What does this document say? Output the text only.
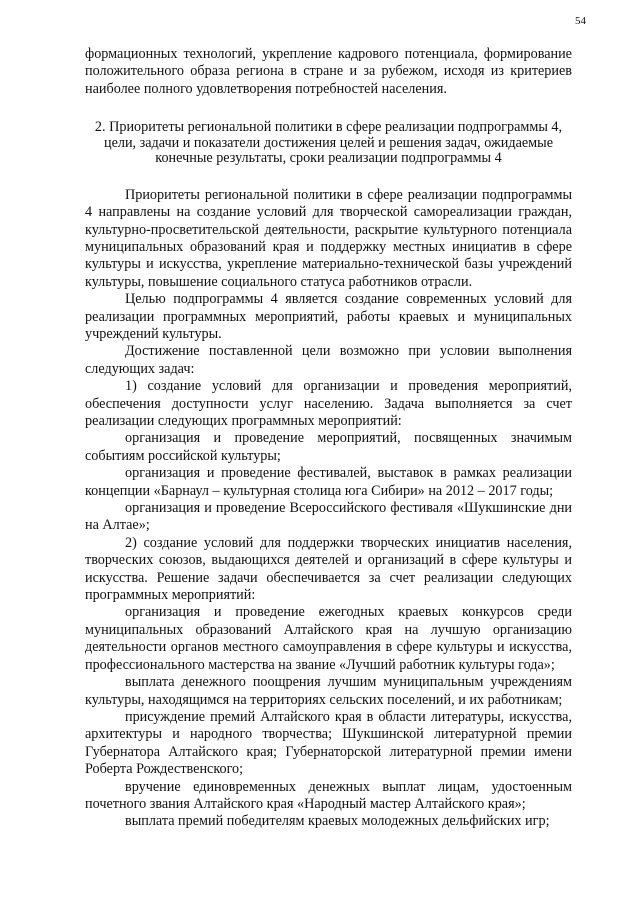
54

формационных технологий, укрепление кадрового потенциала, формирование положительного образа региона в стране и за рубежом, исходя из критериев наиболее полного удовлетворения потребностей населения.

2. Приоритеты региональной политики в сфере реализации подпрограммы 4, цели, задачи и показатели достижения целей и решения задач, ожидаемые конечные результаты, сроки реализации подпрограммы 4

Приоритеты региональной политики в сфере реализации подпрограммы 4 направлены на создание условий для творческой самореализации граждан, культурно-просветительской деятельности, раскрытие культурного потенциала муниципальных образований края и поддержку местных инициатив в сфере культуры и искусства, укрепление материально-технической базы учреждений культуры, повышение социального статуса работников отрасли.

Целью подпрограммы 4 является создание современных условий для реализации программных мероприятий, работы краевых и муниципальных учреждений культуры.

Достижение поставленной цели возможно при условии выполнения следующих задач:

1) создание условий для организации и проведения мероприятий, обеспечения доступности услуг населению. Задача выполняется за счет реализации следующих программных мероприятий:

организация и проведение мероприятий, посвященных значимым событиям российской культуры;

организация и проведение фестивалей, выставок в рамках реализации концепции «Барнаул – культурная столица юга Сибири» на 2012 – 2017 годы;

организация и проведение Всероссийского фестиваля «Шукшинские дни на Алтае»;

2) создание условий для поддержки творческих инициатив населения, творческих союзов, выдающихся деятелей и организаций в сфере культуры и искусства. Решение задачи обеспечивается за счет реализации следующих программных мероприятий:

организация и проведение ежегодных краевых конкурсов среди муниципальных образований Алтайского края на лучшую организацию деятельности органов местного самоуправления в сфере культуры и искусства, профессионального мастерства на звание «Лучший работник культуры года»;

выплата денежного поощрения лучшим муниципальным учреждениям культуры, находящимся на территориях сельских поселений, и их работникам;

присуждение премий Алтайского края в области литературы, искусства, архитектуры и народного творчества; Шукшинской литературной премии Губернатора Алтайского края; Губернаторской литературной премии имени Роберта Рождественского;

вручение единовременных денежных выплат лицам, удостоенным почетного звания Алтайского края «Народный мастер Алтайского края»;

выплата премий победителям краевых молодежных дельфийских игр;
